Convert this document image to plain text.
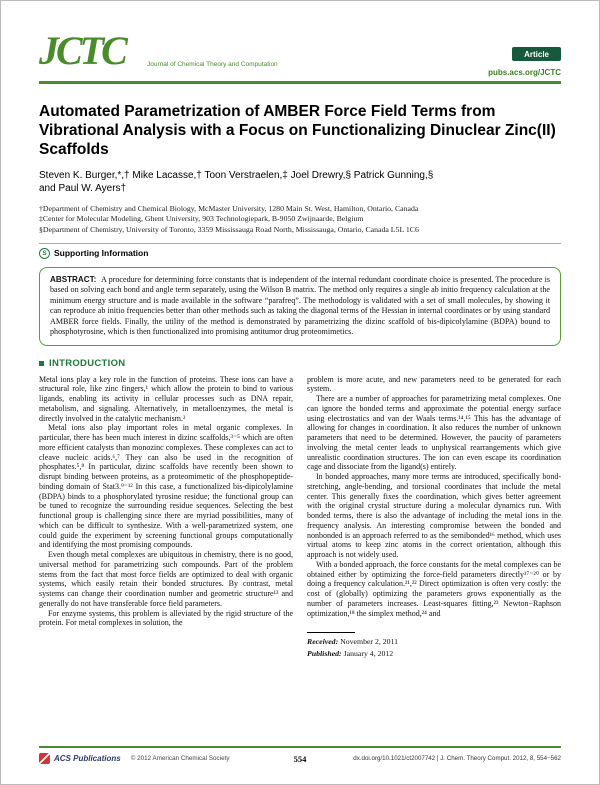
JCTC	Journal of Chemical Theory and Computation
Article
pubs.acs.org/JCTC
Automated Parametrization of AMBER Force Field Terms from Vibrational Analysis with a Focus on Functionalizing Dinuclear Zinc(II) Scaffolds
Steven K. Burger,*,† Mike Lacasse,† Toon Verstraelen,‡ Joel Drewry,§ Patrick Gunning,§
and Paul W. Ayers†
†Department of Chemistry and Chemical Biology, McMaster University, 1280 Main St. West, Hamilton, Ontario, Canada
‡Center for Molecular Modeling, Ghent University, 903 Technologiepark, B-9050 Zwijnaarde, Belgium
§Department of Chemistry, University of Toronto, 3359 Mississauga Road North, Mississauga, Ontario, Canada L5L 1C6
S Supporting Information
ABSTRACT: A procedure for determining force constants that is independent of the internal redundant coordinate choice is presented. The procedure is based on solving each bond and angle term separately, using the Wilson B matrix. The method only requires a single ab initio frequency calculation at the minimum energy structure and is made available in the software “parafreq”. The methodology is validated with a set of small molecules, by showing it can reproduce ab initio frequencies better than other methods such as taking the diagonal terms of the Hessian in internal coordinates or by using standard AMBER force fields. Finally, the utility of the method is demonstrated by parametrizing the dizinc scaffold of bis-dipicolylamine (BDPA) bound to phosphotyrosine, which is then functionalized into promising antitumor drug proteomimetics.
INTRODUCTION

Metal ions play a key role in the function of proteins. These ions can have a structural role, like zinc fingers,¹ which allow the protein to bind to various ligands, enabling its activity in cellular processes such as DNA repair, metabolism, and signaling. Alternatively, in metalloenzymes, the metal is directly involved in the catalytic mechanism.²

Metal ions also play important roles in metal organic complexes. In particular, there has been much interest in dizinc scaffolds,³⁻⁵ which are often more efficient catalysts than monozinc complexes. These complexes can act to cleave nucleic acids.⁶,⁷ They can also be used in the recognition of phosphates.⁵,⁸ In particular, dizinc scaffolds have recently been shown to disrupt binding between proteins, as a proteomimetic of the phosphopeptide-binding domain of Stat3.⁹⁻¹² In this case, a functionalized bis-dipicolylamine (BDPA) binds to a phosphorylated tyrosine residue; the functional group can be tuned to recognize the surrounding residue sequences. Selecting the best functional group is challenging since there are myriad possibilities, many of which can be difficult to synthesize. With a well-parametrized system, one could guide the experiment by screening functional groups computationally and identifying the most promising compounds.

Even though metal complexes are ubiquitous in chemistry, there is no good, universal method for parametrizing such compounds. Part of the problem stems from the fact that most force fields are optimized to deal with organic systems, which easily retain their bonded structures. By contrast, metal systems can change their coordination number and geometric structure¹³ and generally do not have transferable force field parameters.

For enzyme systems, this problem is alleviated by the rigid structure of the protein. For metal complexes in solution, the

problem is more acute, and new parameters need to be generated for each system.

There are a number of approaches for parametrizing metal complexes. One can ignore the bonded terms and approximate the potential energy surface using electrostatics and van der Waals terms.¹⁴,¹⁵ This has the advantage of allowing for changes in coordination. It also reduces the number of unknown parameters that need to be determined. However, the paucity of parameters involving the metal center leads to unphysical rearrangements which give unrealistic coordination structures. The ion can even escape its coordination cage and dissociate from the ligand(s) entirely.

In bonded approaches, many more terms are introduced, specifically bond-stretching, angle-bending, and torsional coordinates that include the metal center. This generally fixes the coordination, which gives better agreement with the original crystal structure during a molecular dynamics run. With bonded terms, there is also the advantage of including the metal ions in the frequency analysis. An interesting compromise between the bonded and nonbonded is an approach referred to as the semibonded¹⁶ method, which uses virtual atoms to keep zinc atoms in the correct orientation, although this approach is not widely used.

With a bonded approach, the force constants for the metal complexes can be obtained either by optimizing the force-field parameters directly¹⁷⁻²⁰ or by doing a frequency calculation.²¹,²² Direct optimization is often very costly: the cost of (globally) optimizing the parameters grows exponentially as the number of parameters increases. Least-squares fitting,²³ Newton−Raphson optimization,¹⁸ the simplex method,²⁴ and

Received: November 2, 2011
Published: January 4, 2012
ACS Publications © 2012 American Chemical Society	554	dx.doi.org/10.1021/ct2007742 | J. Chem. Theory Comput. 2012, 8, 554−562
